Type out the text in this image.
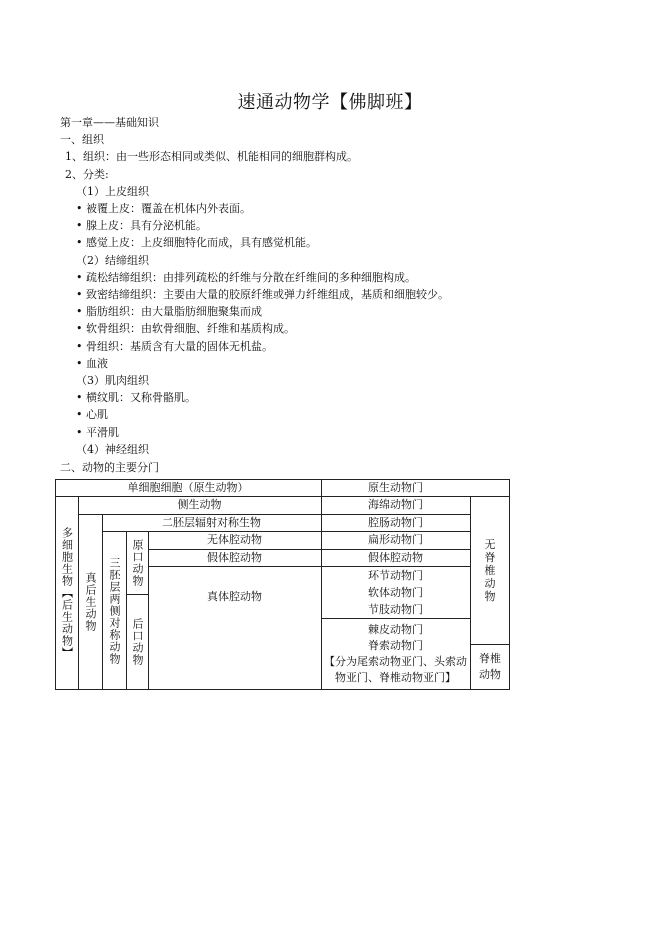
速通动物学【佛脚班】
第一章——基础知识
一、组织
1、组织：由一些形态相同或类似、机能相同的细胞群构成。
2、分类:
（1）上皮组织
• 被覆上皮：覆盖在机体内外表面。
• 腺上皮：具有分泌机能。
• 感觉上皮：上皮细胞特化而成，具有感觉机能。
（2）结缔组织
• 疏松结缔组织：由排列疏松的纤维与分散在纤维间的多种细胞构成。
• 致密结缔组织：主要由大量的胶原纤维或弹力纤维组成，基质和细胞较少。
• 脂肪组织：由大量脂肪细胞聚集而成
• 软骨组织：由软骨细胞、纤维和基质构成。
• 骨组织：基质含有大量的固体无机盐。
• 血液
（3）肌肉组织
• 横纹肌：又称骨骼肌。
• 心肌
• 平滑肌
（4）神经组织
二、动物的主要分门
单细胞细胞（原生动物）	原生动物门
多细胞生物【后生动物】 真后生动物 三胚层两侧对称动物 原口动物
后口动物
侧生动物
二胚层辐射对称生物
无体腔动物
假体腔动物
真体腔动物
海绵动物门
腔肠动物门
扁形动物门
假体腔动物
环节动物门
软体动物门
节肢动物门
棘皮动物门
脊索动物门
【分为尾索动物亚门、头索动物亚门、脊椎动物亚门】
无脊椎动物
脊椎动物
